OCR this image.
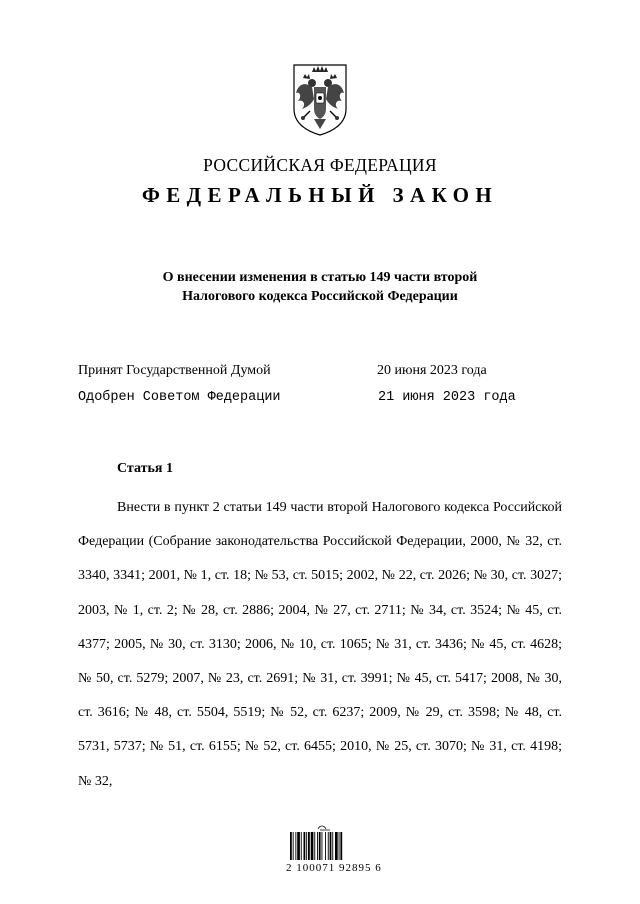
РОССИЙСКАЯ ФЕДЕРАЦИЯ
ФЕДЕРАЛЬНЫЙ ЗАКОН
О внесении изменения в статью 149 части второй
Налогового кодекса Российской Федерации
Принят Государственной Думой	20 июня 2023 года
Одобрен Советом Федерации	21 июня 2023 года
Статья 1
Внести в пункт 2 статьи 149 части второй Налогового кодекса Российской Федерации (Собрание законодательства Российской Федерации, 2000, № 32, ст. 3340, 3341; 2001, № 1, ст. 18; № 53, ст. 5015; 2002, № 22, ст. 2026; № 30, ст. 3027; 2003, № 1, ст. 2; № 28, ст. 2886; 2004, № 27, ст. 2711; № 34, ст. 3524; № 45, ст. 4377; 2005, № 30, ст. 3130; 2006, № 10, ст. 1065; № 31, ст. 3436; № 45, ст. 4628; № 50, ст. 5279; 2007, № 23, ст. 2691; № 31, ст. 3991; № 45, ст. 5417; 2008, № 30, ст. 3616; № 48, ст. 5504, 5519; № 52, ст. 6237; 2009, № 29, ст. 3598; № 48, ст. 5731, 5737; № 51, ст. 6155; № 52, ст. 6455; 2010, № 25, ст. 3070; № 31, ст. 4198; № 32,
2 100071 92895 6
